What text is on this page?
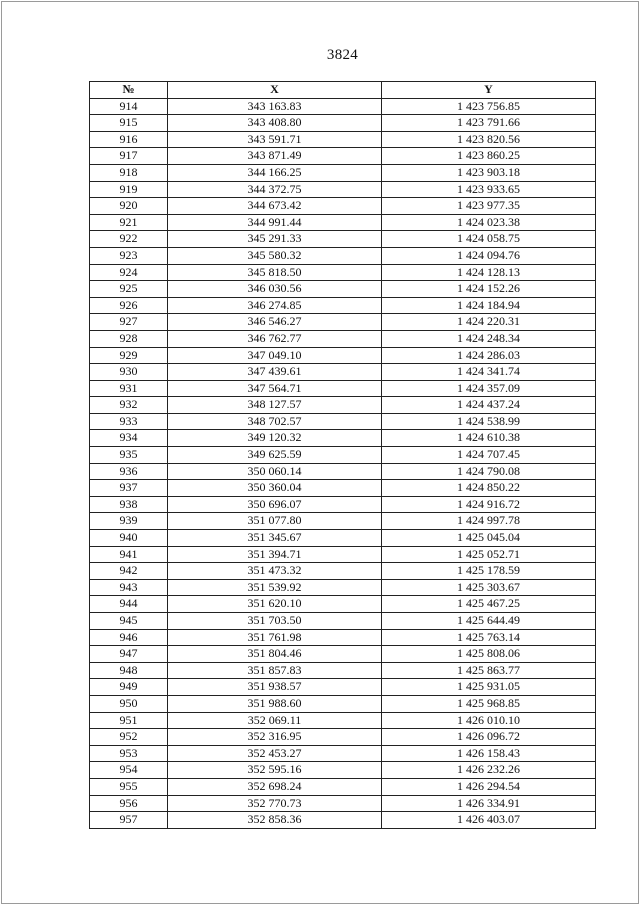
3824
№	X	Y
914	343 163.83	1 423 756.85
915	343 408.80	1 423 791.66
916	343 591.71	1 423 820.56
917	343 871.49	1 423 860.25
918	344 166.25	1 423 903.18
919	344 372.75	1 423 933.65
920	344 673.42	1 423 977.35
921	344 991.44	1 424 023.38
922	345 291.33	1 424 058.75
923	345 580.32	1 424 094.76
924	345 818.50	1 424 128.13
925	346 030.56	1 424 152.26
926	346 274.85	1 424 184.94
927	346 546.27	1 424 220.31
928	346 762.77	1 424 248.34
929	347 049.10	1 424 286.03
930	347 439.61	1 424 341.74
931	347 564.71	1 424 357.09
932	348 127.57	1 424 437.24
933	348 702.57	1 424 538.99
934	349 120.32	1 424 610.38
935	349 625.59	1 424 707.45
936	350 060.14	1 424 790.08
937	350 360.04	1 424 850.22
938	350 696.07	1 424 916.72
939	351 077.80	1 424 997.78
940	351 345.67	1 425 045.04
941	351 394.71	1 425 052.71
942	351 473.32	1 425 178.59
943	351 539.92	1 425 303.67
944	351 620.10	1 425 467.25
945	351 703.50	1 425 644.49
946	351 761.98	1 425 763.14
947	351 804.46	1 425 808.06
948	351 857.83	1 425 863.77
949	351 938.57	1 425 931.05
950	351 988.60	1 425 968.85
951	352 069.11	1 426 010.10
952	352 316.95	1 426 096.72
953	352 453.27	1 426 158.43
954	352 595.16	1 426 232.26
955	352 698.24	1 426 294.54
956	352 770.73	1 426 334.91
957	352 858.36	1 426 403.07
